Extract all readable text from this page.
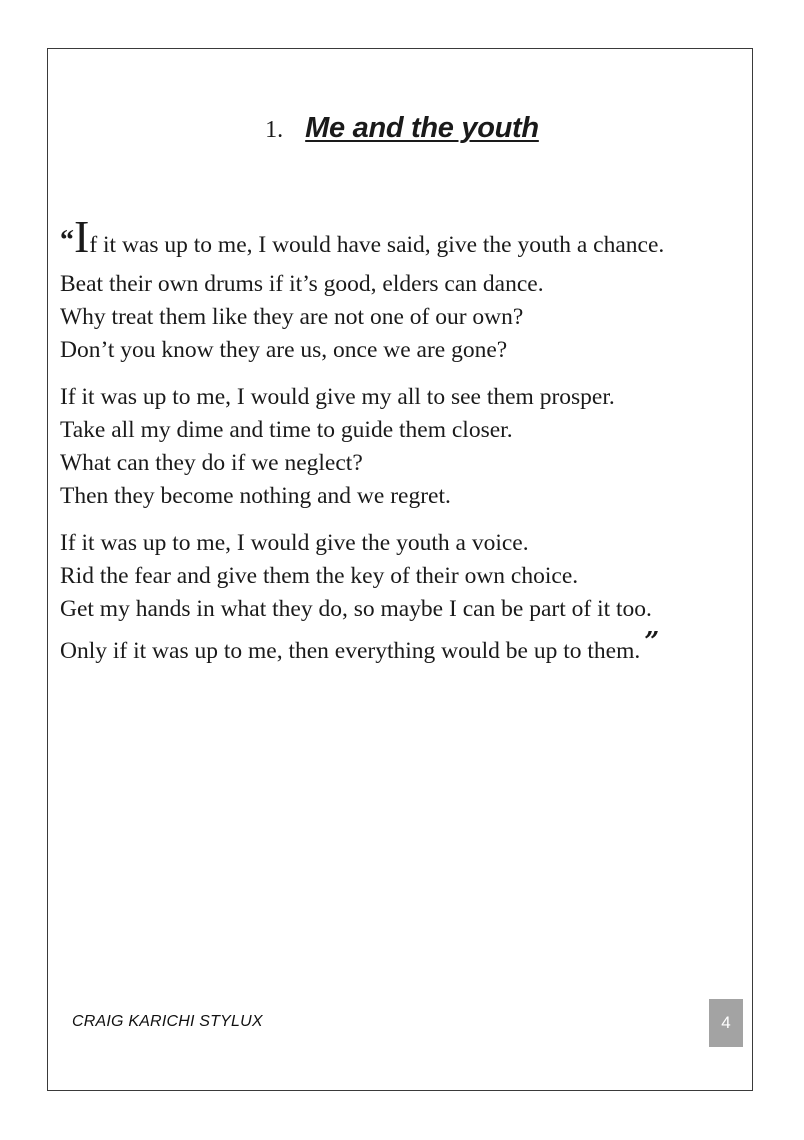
1. Me and the youth
“If it was up to me, I would have said, give the youth a chance.
Beat their own drums if it’s good, elders can dance.
Why treat them like they are not one of our own?
Don’t you know they are us, once we are gone?
If it was up to me, I would give my all to see them prosper.
Take all my dime and time to guide them closer.
What can they do if we neglect?
Then they become nothing and we regret.
If it was up to me, I would give the youth a voice.
Rid the fear and give them the key of their own choice.
Get my hands in what they do, so maybe I can be part of it too.
Only if it was up to me, then everything would be up to them. ”
CRAIG KARICHI STYLUX	4
